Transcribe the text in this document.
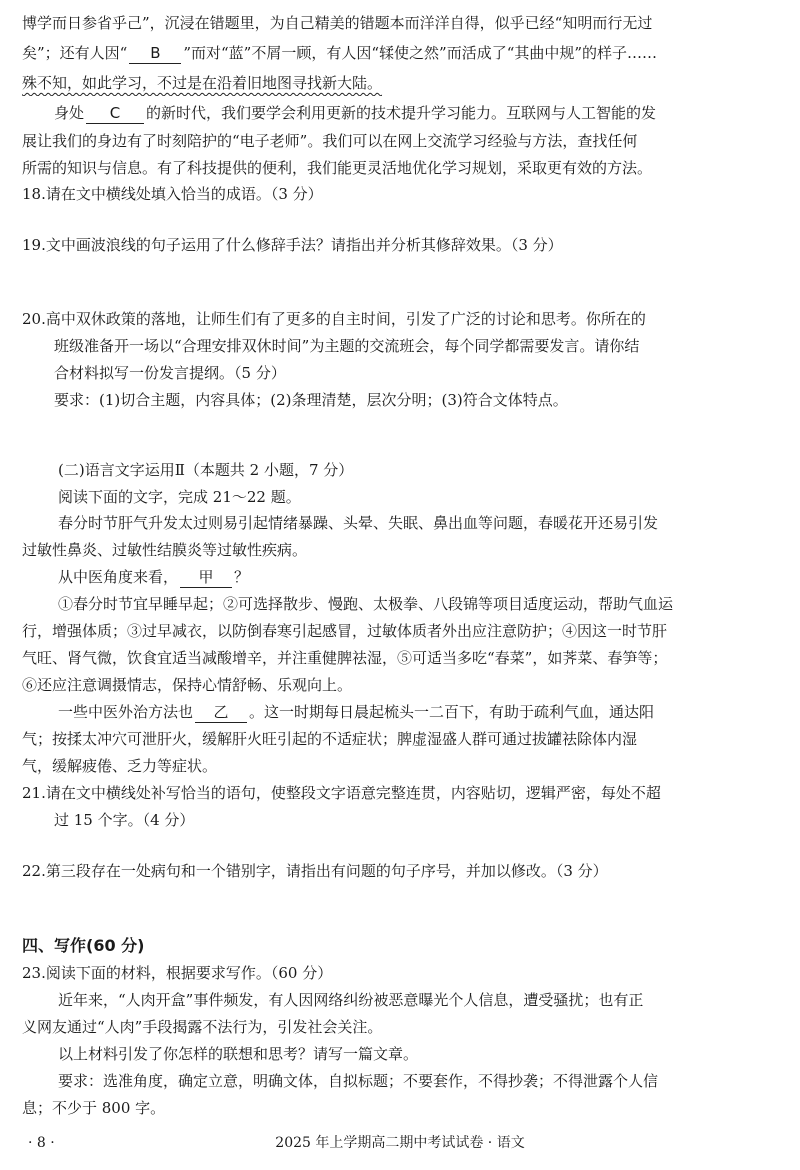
博学而日参省乎己”，沉浸在错题里，为自己精美的错题本而洋洋自得，似乎已经“知明而行无过
矣”；还有人因“ B ”而对“蓝”不屑一顾，有人因“𫐓使之然”而活成了“其曲中规”的样子……
殊不知，如此学习，不过是在沿着旧地图寻找新大陆。
身处 C 的新时代，我们要学会利用更新的技术提升学习能力。互联网与人工智能的发
展让我们的身边有了时刻陪护的“电子老师”。我们可以在网上交流学习经验与方法，查找任何
所需的知识与信息。有了科技提供的便利，我们能更灵活地优化学习规划，采取更有效的方法。
18.请在文中横线处填入恰当的成语。（3 分）
19.文中画波浪线的句子运用了什么修辞手法？请指出并分析其修辞效果。（3 分）
20.高中双休政策的落地，让师生们有了更多的自主时间，引发了广泛的讨论和思考。你所在的
班级准备开一场以“合理安排双休时间”为主题的交流班会，每个同学都需要发言。请你结
合材料拟写一份发言提纲。（5 分）
要求：(1)切合主题，内容具体；(2)条理清楚，层次分明；(3)符合文体特点。
(二)语言文字运用Ⅱ（本题共 2 小题，7 分）
阅读下面的文字，完成 21～22 题。
春分时节肝气升发太过则易引起情绪暴躁、头晕、失眠、鼻出血等问题，春暖花开还易引发
过敏性鼻炎、过敏性结膜炎等过敏性疾病。
从中医角度来看， 甲 ？
①春分时节宜早睡早起；②可选择散步、慢跑、太极拳、八段锦等项目适度运动，帮助气血运
行，增强体质；③过早减衣，以防倒春寒引起感冒，过敏体质者外出应注意防护；④因这一时节肝
气旺、肾气微，饮食宜适当减酸增辛，并注重健脾祛湿，⑤可适当多吃“春菜”，如荠菜、春笋等；
⑥还应注意调摄情志，保持心情舒畅、乐观向上。
一些中医外治方法也 乙 。这一时期每日晨起梳头一二百下，有助于疏利气血，通达阳
气；按揉太冲穴可泄肝火，缓解肝火旺引起的不适症状；脾虚湿盛人群可通过拔罐祛除体内湿
气，缓解疲倦、乏力等症状。
21.请在文中横线处补写恰当的语句，使整段文字语意完整连贯，内容贴切，逻辑严密，每处不超
过 15 个字。（4 分）
22.第三段存在一处病句和一个错别字，请指出有问题的句子序号，并加以修改。（3 分）
四、写作(60 分)
23.阅读下面的材料，根据要求写作。（60 分）
近年来，“人肉开盒”事件频发，有人因网络纠纷被恶意曝光个人信息，遭受骚扰；也有正
义网友通过“人肉”手段揭露不法行为，引发社会关注。
以上材料引发了你怎样的联想和思考？请写一篇文章。
要求：选准角度，确定立意，明确文体，自拟标题；不要套作，不得抄袭；不得泄露个人信
息；不少于 800 字。
· 8 ·	2025 年上学期高二期中考试试卷 · 语文
